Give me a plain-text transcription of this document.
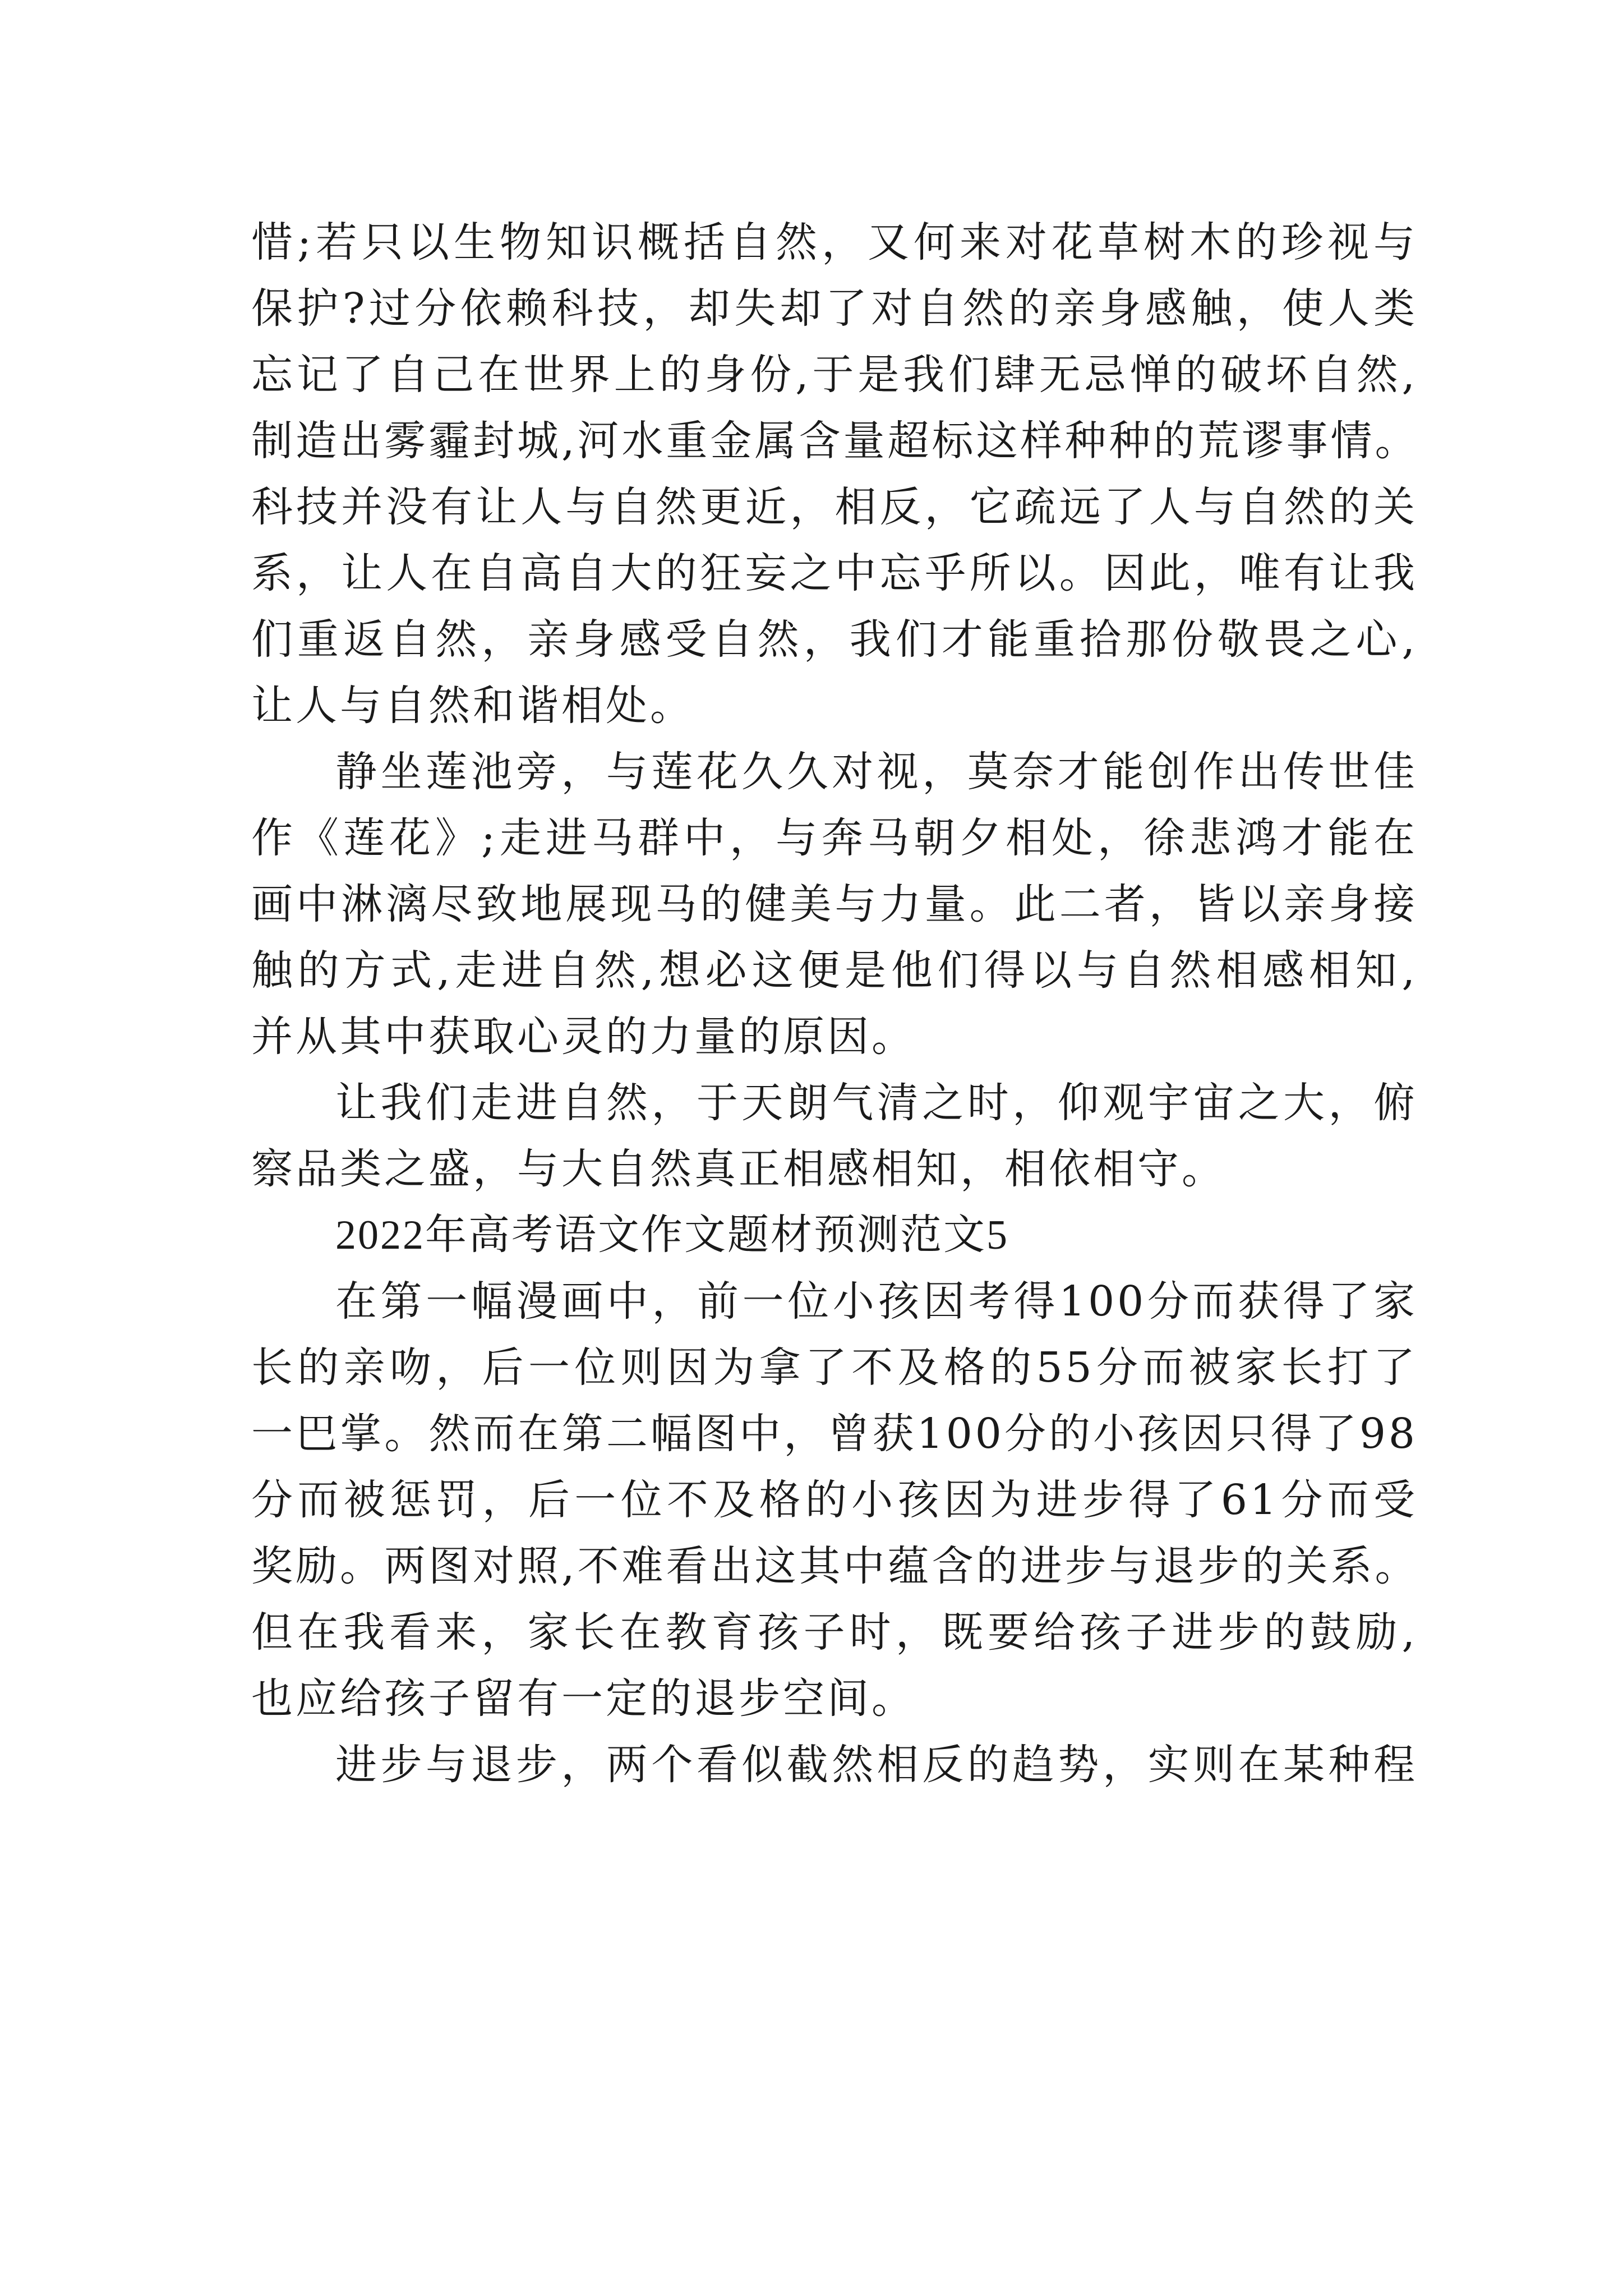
惜;若只以生物知识概括自然，又何来对花草树木的珍视与
保护?过分依赖科技，却失却了对自然的亲身感触，使人类
忘记了自己在世界上的身份,于是我们肆无忌惮的破坏自然,
制造出雾霾封城,河水重金属含量超标这样种种的荒谬事情。
科技并没有让人与自然更近，相反，它疏远了人与自然的关
系，让人在自高自大的狂妄之中忘乎所以。因此，唯有让我
们重返自然，亲身感受自然，我们才能重拾那份敬畏之心,
让人与自然和谐相处。
静坐莲池旁，与莲花久久对视，莫奈才能创作出传世佳
作《莲花》;走进马群中，与奔马朝夕相处，徐悲鸿才能在
画中淋漓尽致地展现马的健美与力量。此二者，皆以亲身接
触的方式,走进自然,想必这便是他们得以与自然相感相知,
并从其中获取心灵的力量的原因。
让我们走进自然，于天朗气清之时，仰观宇宙之大，俯
察品类之盛，与大自然真正相感相知，相依相守。
2022年高考语文作文题材预测范文5
在第一幅漫画中，前一位小孩因考得100分而获得了家
长的亲吻，后一位则因为拿了不及格的55分而被家长打了
一巴掌。然而在第二幅图中，曾获100分的小孩因只得了98
分而被惩罚，后一位不及格的小孩因为进步得了61分而受
奖励。两图对照,不难看出这其中蕴含的进步与退步的关系。
但在我看来，家长在教育孩子时，既要给孩子进步的鼓励,
也应给孩子留有一定的退步空间。
进步与退步，两个看似截然相反的趋势，实则在某种程
